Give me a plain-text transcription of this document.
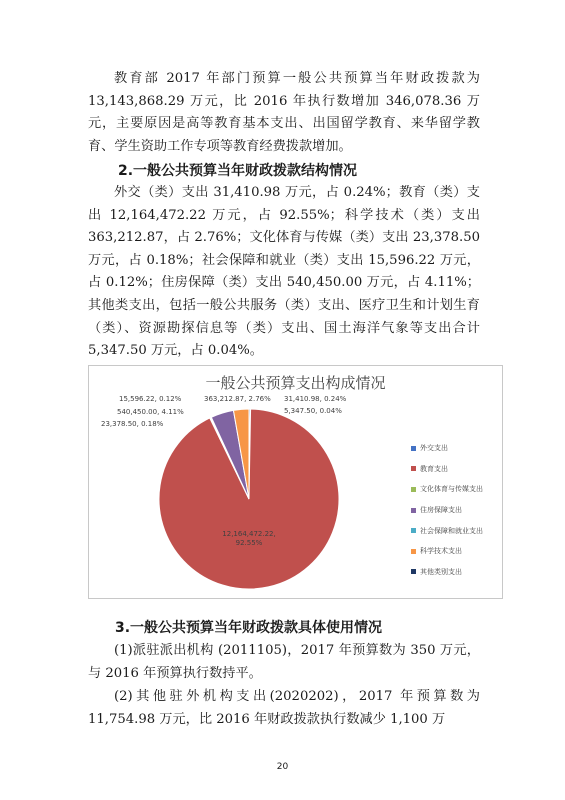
教育部 2017 年部门预算一般公共预算当年财政拨款为 13,143,868.29 万元，比 2016 年执行数增加 346,078.36 万元，主要原因是高等教育基本支出、出国留学教育、来华留学教育、学生资助工作专项等教育经费拨款增加。

2.一般公共预算当年财政拨款结构情况

外交（类）支出 31,410.98 万元，占 0.24%；教育（类）支出 12,164,472.22 万元，占 92.55%；科学技术（类）支出 363,212.87，占 2.76%；文化体育与传媒（类）支出 23,378.50 万元，占 0.18%；社会保障和就业（类）支出 15,596.22 万元，占 0.12%；住房保障（类）支出 540,450.00 万元，占 4.11%；其他类支出，包括一般公共服务（类）支出、医疗卫生和计划生育（类）、资源勘探信息等（类）支出、国土海洋气象等支出合计 5,347.50 万元，占 0.04%。

一般公共预算支出构成情况
31,410.98, 0.24%
5,347.50, 0.04%
12,164,472.22,
92.55%
23,378.50, 0.18%
15,596.22, 0.12%
540,450.00, 4.11%
363,212.87, 2.76%
外交支出
教育支出
文化体育与传媒支出
住房保障支出
社会保障和就业支出
科学技术支出
其他类别支出

3.一般公共预算当年财政拨款具体使用情况

(1)派驻派出机构 (2011105)，2017 年预算数为 350 万元，与 2016 年预算执行数持平。

(2)其他驻外机构支出(2020202)，2017 年预算数为 11,754.98 万元，比 2016 年财政拨款执行数减少 1,100 万

20
